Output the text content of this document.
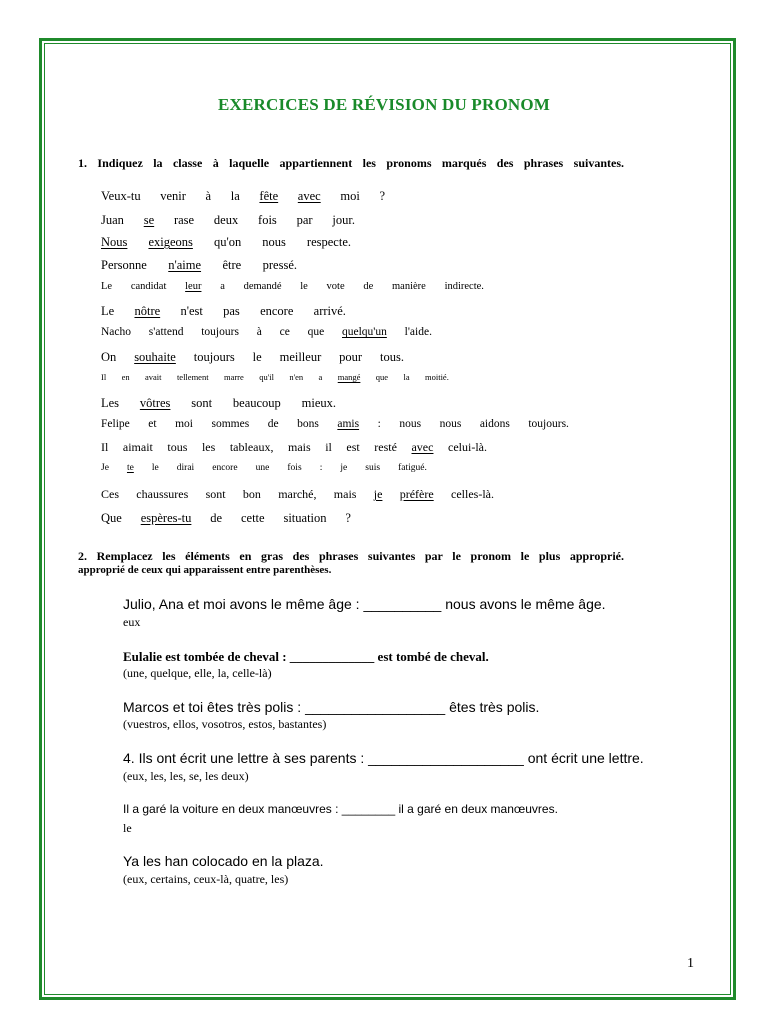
EXERCICES DE RÉVISION DU PRONOM
1. Indiquez la classe à laquelle appartiennent les pronoms marqués des phrases suivantes.
Veux-tu venir à la fête avec moi ?
Juan se rase deux fois par jour.
Nous exigeons qu'on nous respecte.
Personne n'aime être pressé.
Le candidat leur a demandé le vote de manière indirecte.
Le nôtre n'est pas encore arrivé.
Nacho s'attend toujours à ce que quelqu'un l'aide.
On souhaite toujours le meilleur pour tous.
Il en avait tellement marre qu'il n'en a mangé que la moitié.
Les vôtres sont beaucoup mieux.
Felipe et moi sommes de bons amis : nous nous aidons toujours.
Il aimait tous les tableaux, mais il est resté avec celui-là.
Je te le dirai encore une fois : je suis fatigué.
Ces chaussures sont bon marché, mais je préfère celles-là.
Que espères-tu de cette situation ?
2. Remplacez les éléments en gras des phrases suivantes par le pronom le plus approprié.
approprié de ceux qui apparaissent entre parenthèses.
Julio, Ana et moi avons le même âge : __________ nous avons le même âge.
eux
Eulalie est tombée de cheval : _____________ est tombé de cheval.
(une, quelque, elle, la, celle-là)
Marcos et toi êtes très polis : __________________ êtes très polis.
(vuestros, ellos, vosotros, estos, bastantes)
4. Ils ont écrit une lettre à ses parents : ____________________ ont écrit une lettre.
(eux, les, les, se, les deux)
Il a garé la voiture en deux manœuvres : ________ il a garé en deux manœuvres.
le
Ya les han colocado en la plaza.
(eux, certains, ceux-là, quatre, les)
1
